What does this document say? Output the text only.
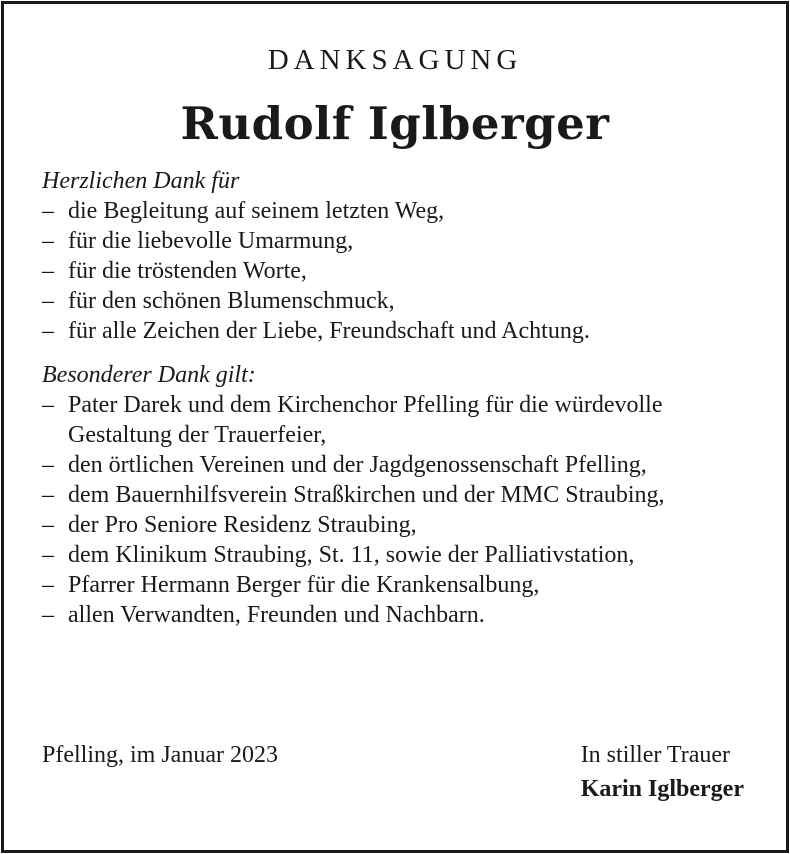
DANKSAGUNG
Rudolf Iglberger

Herzlichen Dank für

– die Begleitung auf seinem letzten Weg,
– für die liebevolle Umarmung,
– für die tröstenden Worte,
– für den schönen Blumenschmuck,
– für alle Zeichen der Liebe, Freundschaft und Achtung.

Besonderer Dank gilt:

– Pater Darek und dem Kirchenchor Pfelling für die würdevolle Gestaltung der Trauerfeier,
– den örtlichen Vereinen und der Jagdgenossenschaft Pfelling,
– dem Bauernhilfsverein Straßkirchen und der MMC Straubing,
– der Pro Seniore Residenz Straubing,
– dem Klinikum Straubing, St. 11, sowie der Palliativstation,
– Pfarrer Hermann Berger für die Krankensalbung,
– allen Verwandten, Freunden und Nachbarn.
Pfelling, im Januar 2023	In stiller Trauer
Karin Iglberger
